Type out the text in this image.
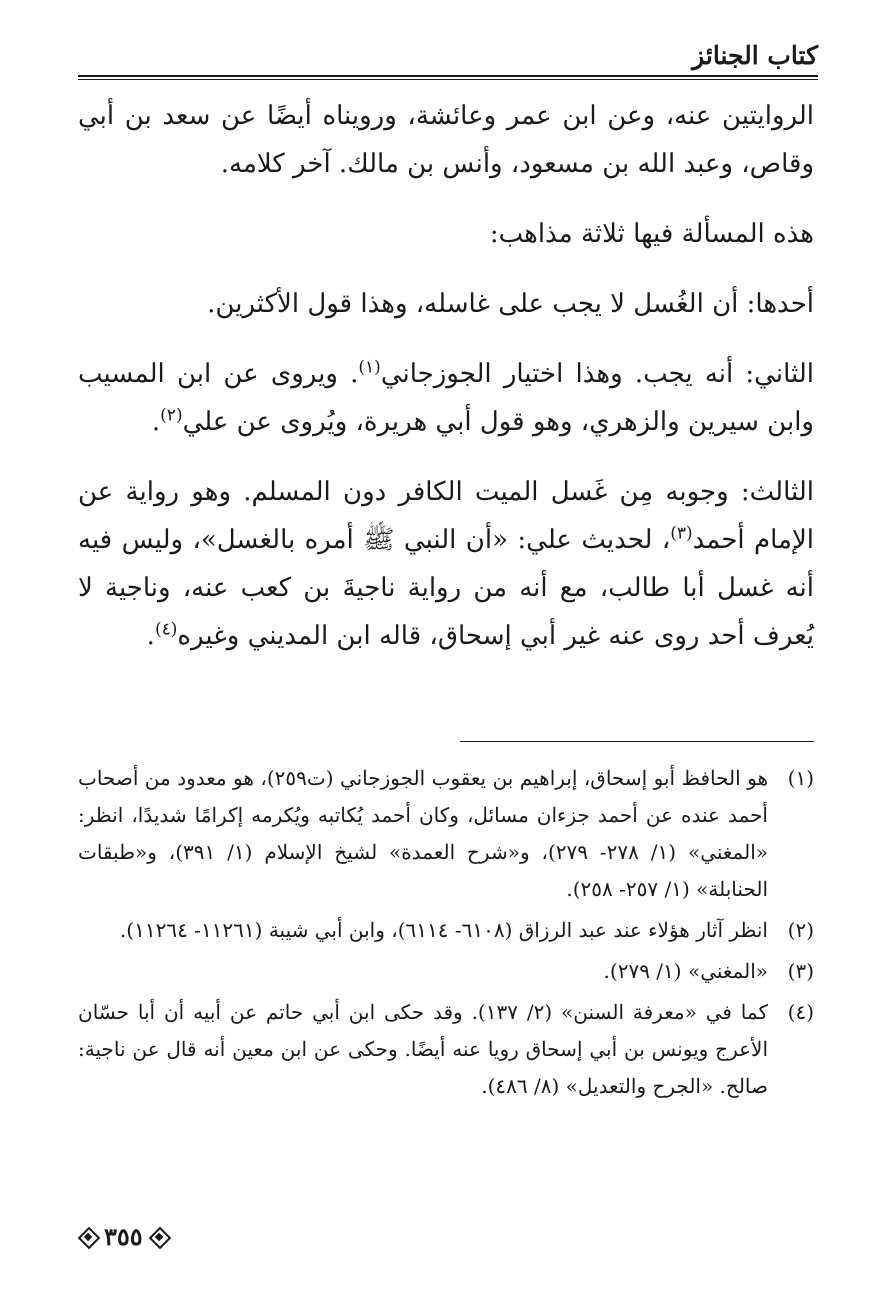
كتاب الجنائز

الروايتين عنه، وعن ابن عمر وعائشة، ورويناه أيضًا عن سعد بن أبي وقاص، وعبد الله بن مسعود، وأنس بن مالك. آخر كلامه.

هذه المسألة فيها ثلاثة مذاهب:

أحدها: أن الغُسل لا يجب على غاسله، وهذا قول الأكثرين.

الثاني: أنه يجب. وهذا اختيار الجوزجاني$^{(١)}$. ويروى عن ابن المسيب وابن سيرين والزهري، وهو قول أبي هريرة، ويُروى عن علي$^{(٢)}$.

الثالث: وجوبه مِن غَسل الميت الكافر دون المسلم. وهو رواية عن الإمام أحمد$^{(٣)}$، لحديث علي: «أن النبي ﷺ أمره بالغسل»، وليس فيه أنه غسل أبا طالب، مع أنه من رواية ناجيةَ بن كعب عنه، وناجية لا يُعرف أحد روى عنه غير أبي إسحاق، قاله ابن المديني وغيره$^{(٤)}$.

(١)
هو الحافظ أبو إسحاق، إبراهيم بن يعقوب الجوزجاني (ت٢٥٩)، هو معدود من أصحاب أحمد عنده عن أحمد جزءان مسائل، وكان أحمد يُكاتبه ويُكرمه إكرامًا شديدًا، انظر: «المغني» (١/ ٢٧٨- ٢٧٩)، و«شرح العمدة» لشيخ الإسلام (١/ ٣٩١)، و«طبقات الحنابلة» (١/ ٢٥٧- ٢٥٨).
(٢)
انظر آثار هؤلاء عند عبد الرزاق (٦١٠٨- ٦١١٤)، وابن أبي شيبة (١١٢٦١- ١١٢٦٤).
(٣)
«المغني» (١/ ٢٧٩).
(٤)
كما في «معرفة السنن» (٢/ ١٣٧). وقد حكى ابن أبي حاتم عن أبيه أن أبا حسّان الأعرج ويونس بن أبي إسحاق رويا عنه أيضًا. وحكى عن ابن معين أنه قال عن ناجية: صالح. «الجرح والتعديل» (٨/ ٤٨٦).
٣٥٥
